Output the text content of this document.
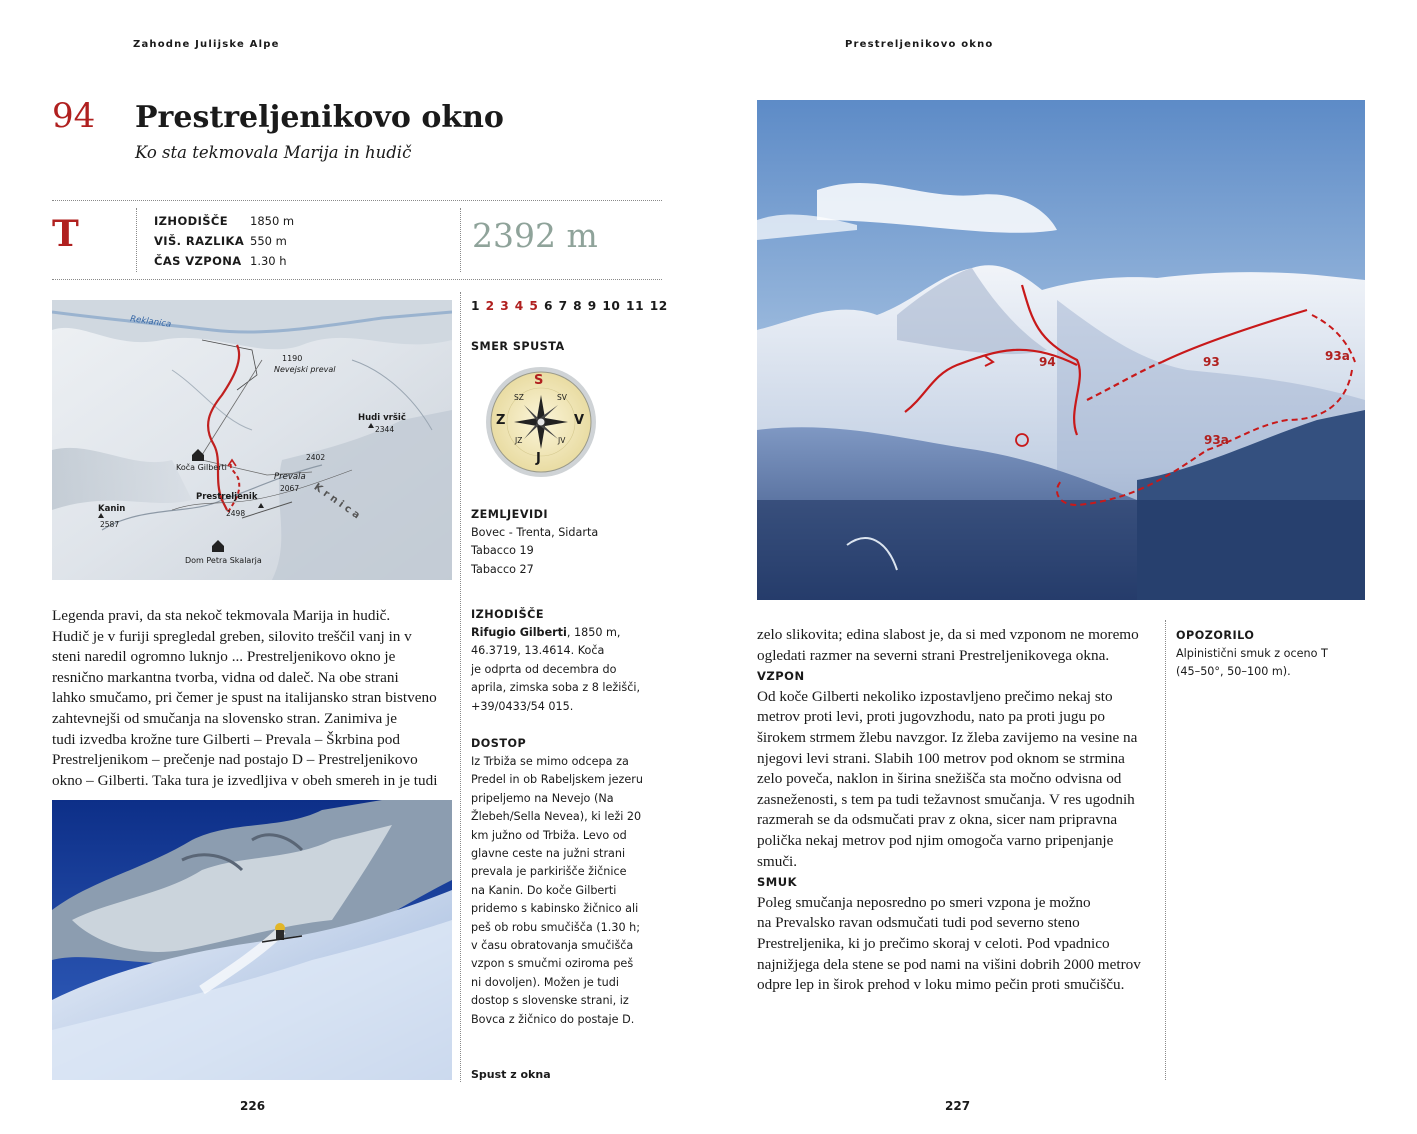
Zahodne Julijske Alpe
94 Prestreljenikovo okno
Ko sta tekmovala Marija in hudič
T	IZHODIŠČE	1850 m
VIŠ. RAZLIKA 550 m
ČAS VZPONA 1.30 h
2392 m
Reklanica
1190
Nevejski preval
Hudi vršič
2344
2402
Koča Gilberti
Prevala
2067
Prestreljenik
2498
Kanin
2587
Dom Petra Skalarja
K r n i c a
Legenda pravi, da sta nekoč tekmovala Marija in hudič.
Hudič je v furiji spregledal greben, silovito treščil vanj in v
steni naredil ogromno luknjo ... Prestreljenikovo okno je
resnično markantna tvorba, vidna od daleč. Na obe strani
lahko smučamo, pri čemer je spust na italijansko stran bistveno
zahtevnejši od smučanja na slovensko stran. Zanimiva je
tudi izvedba krožne ture Gilberti – Prevala – Škrbina pod
Prestreljenikom – prečenje nad postajo D – Prestreljenikovo
okno – Gilberti. Taka tura je izvedljiva v obeh smereh in je tudi
1 2 3 4 5 6 7 8 9 10 11 12
SMER SPUSTA
S
V
J
Z
SZ	SV
JZ	JV
ZEMLJEVIDI
Bovec - Trenta, Sidarta
Tabacco 19
Tabacco 27
IZHODIŠČE
Rifugio Gilberti, 1850 m,
46.3719, 13.4614. Koča
je odprta od decembra do
aprila, zimska soba z 8 ležišči,
+39/0433/54 015.
DOSTOP
Iz Trbiža se mimo odcepa za
Predel in ob Rabeljskem jezeru
pripeljemo na Nevejo (Na
Žlebeh/Sella Nevea), ki leži 20
km južno od Trbiža. Levo od
glavne ceste na južni strani
prevala je parkirišče žičnice
na Kanin. Do koče Gilberti
pridemo s kabinsko žičnico ali
peš ob robu smučišča (1.30 h;
v času obratovanja smučišča
vzpon s smučmi oziroma peš
ni dovoljen). Možen je tudi
dostop s slovenske strani, iz
Bovca z žičnico do postaje D.
Spust z okna
226
Prestreljenikovo okno
94	93	93a
93a
zelo slikovita; edina slabost je, da si med vzponom ne moremo
ogledati razmer na severni strani Prestreljenikovega okna.
VZPON
Od koče Gilberti nekoliko izpostavljeno prečimo nekaj sto
metrov proti levi, proti jugovzhodu, nato pa proti jugu po
širokem strmem žlebu navzgor. Iz žleba zavijemo na vesine na
njegovi levi strani. Slabih 100 metrov pod oknom se strmina
zelo poveča, naklon in širina snežišča sta močno odvisna od
zasneženosti, s tem pa tudi težavnost smučanja. V res ugodnih
razmerah se da odsmučati prav z okna, sicer nam pripravna
polička nekaj metrov pod njim omogoča varno pripenjanje
smuči.
SMUK
Poleg smučanja neposredno po smeri vzpona je možno
na Prevalsko ravan odsmučati tudi pod severno steno
Prestreljenika, ki jo prečimo skoraj v celoti. Pod vpadnico
najnižjega dela stene se pod nami na višini dobrih 2000 metrov
odpre lep in širok prehod v loku mimo pečin proti smučišču.
OPOZORILO
Alpinistični smuk z oceno T
(45–50°, 50–100 m).
227
